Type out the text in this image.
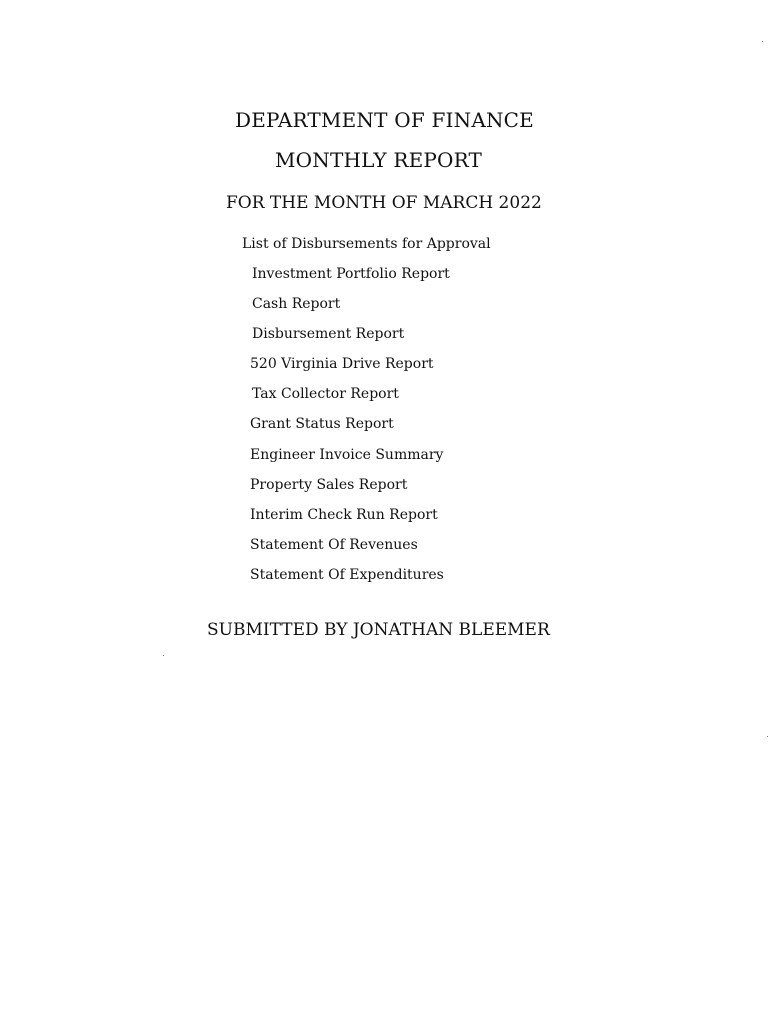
DEPARTMENT OF FINANCE
MONTHLY REPORT
FOR THE MONTH OF MARCH 2022
List of Disbursements for Approval
Investment Portfolio Report
Cash Report
Disbursement Report
520 Virginia Drive Report
Tax Collector Report
Grant Status Report
Engineer Invoice Summary
Property Sales Report
Interim Check Run Report
Statement Of Revenues
Statement Of Expenditures
SUBMITTED BY JONATHAN BLEEMER
